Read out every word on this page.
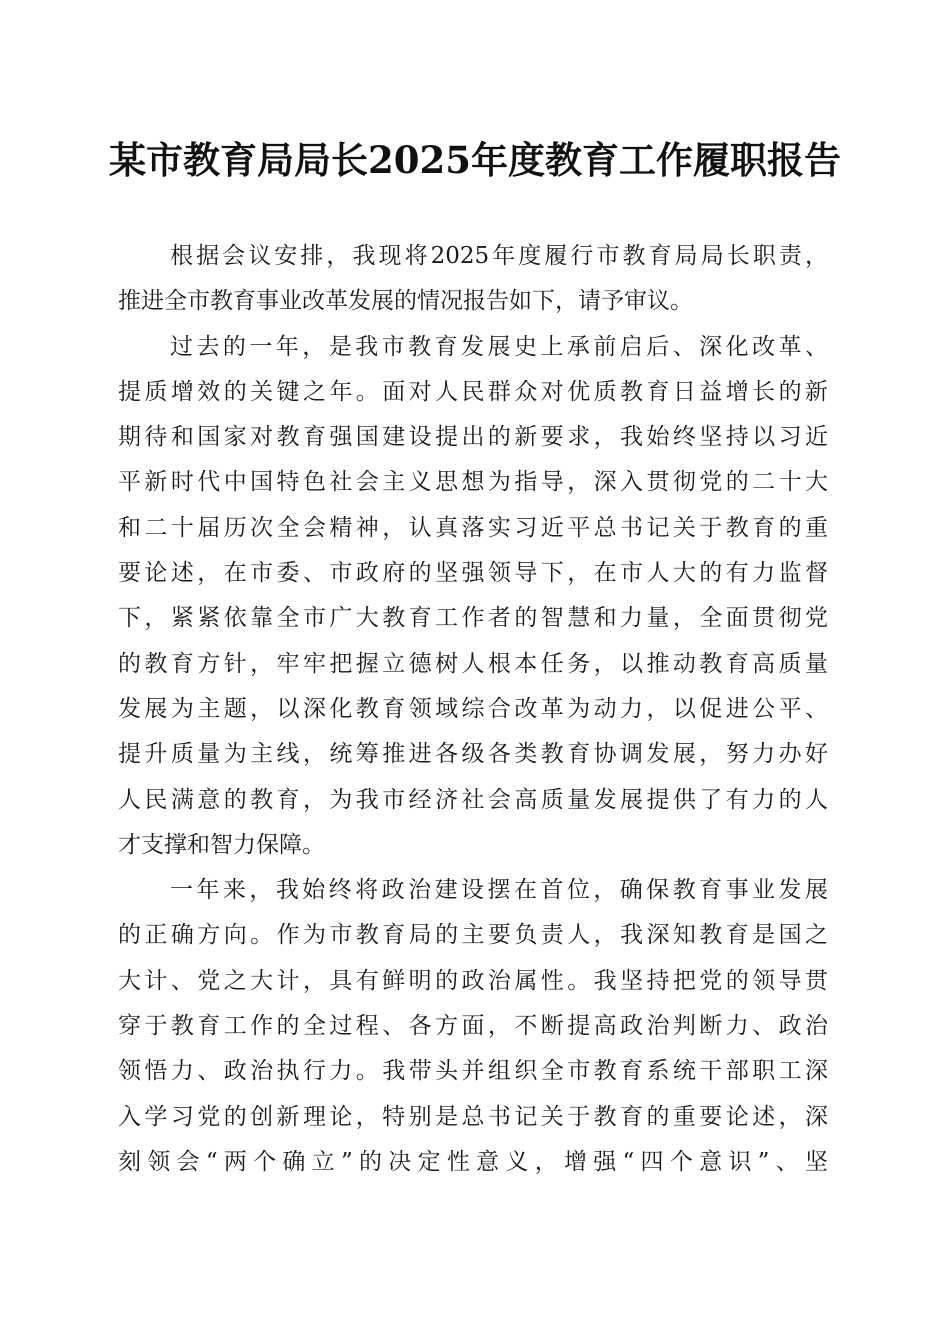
某市教育局局长2025年度教育工作履职报告
根据会议安排，我现将2025年度履行市教育局局长职责，
推进全市教育事业改革发展的情况报告如下，请予审议。
过去的一年，是我市教育发展史上承前启后、深化改革、
提质增效的关键之年。面对人民群众对优质教育日益增长的新
期待和国家对教育强国建设提出的新要求，我始终坚持以习近
平新时代中国特色社会主义思想为指导，深入贯彻党的二十大
和二十届历次全会精神，认真落实习近平总书记关于教育的重
要论述，在市委、市政府的坚强领导下，在市人大的有力监督
下，紧紧依靠全市广大教育工作者的智慧和力量，全面贯彻党
的教育方针，牢牢把握立德树人根本任务，以推动教育高质量
发展为主题，以深化教育领域综合改革为动力，以促进公平、
提升质量为主线，统筹推进各级各类教育协调发展，努力办好
人民满意的教育，为我市经济社会高质量发展提供了有力的人
才支撑和智力保障。
一年来，我始终将政治建设摆在首位，确保教育事业发展
的正确方向。作为市教育局的主要负责人，我深知教育是国之
大计、党之大计，具有鲜明的政治属性。我坚持把党的领导贯
穿于教育工作的全过程、各方面，不断提高政治判断力、政治
领悟力、政治执行力。我带头并组织全市教育系统干部职工深
入学习党的创新理论，特别是总书记关于教育的重要论述，深
刻领会“两个确立”的决定性意义，增强“四个意识”、坚
